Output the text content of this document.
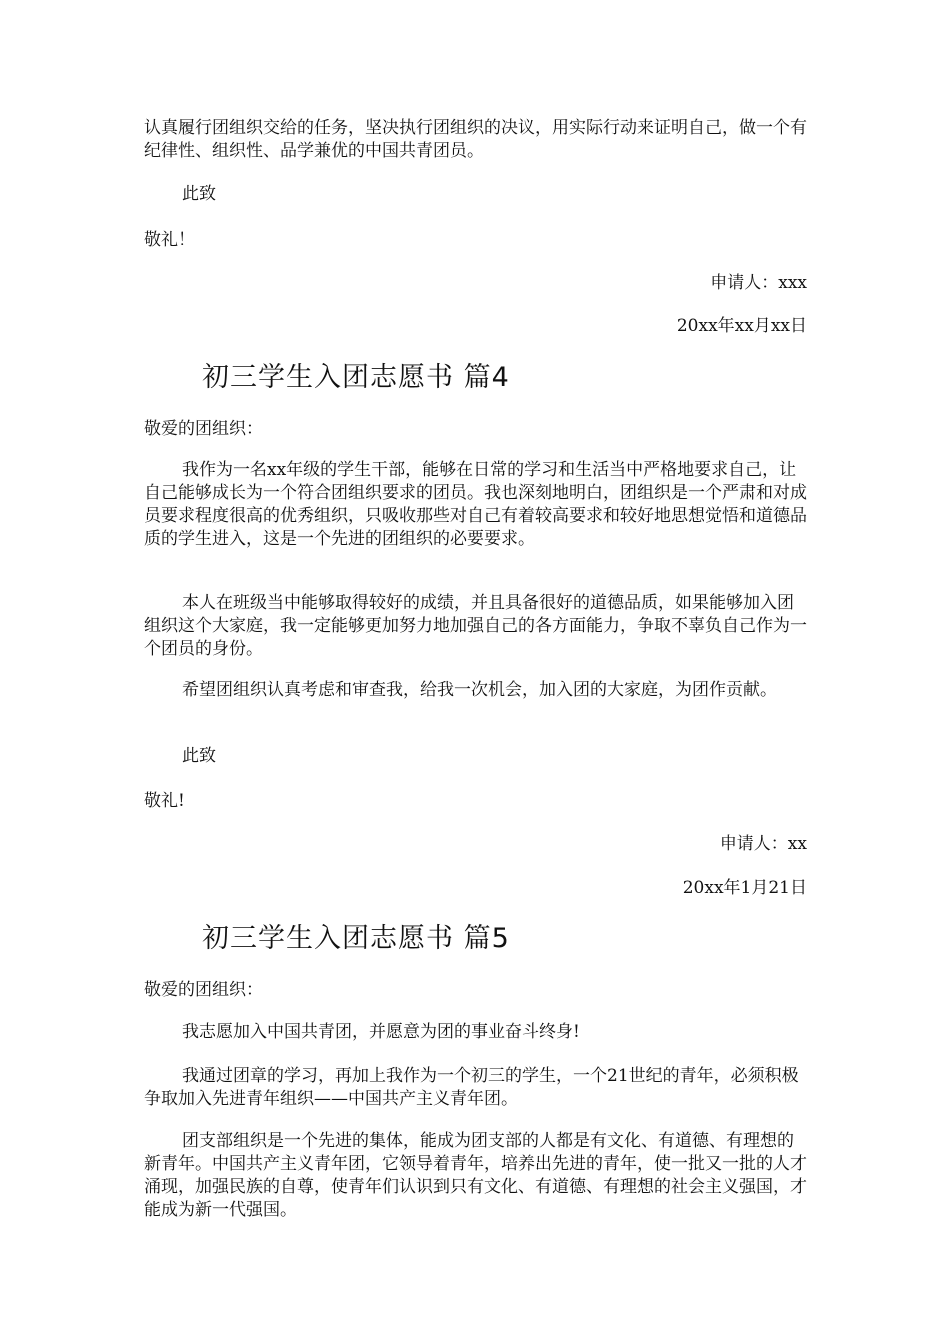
认真履行团组织交给的任务，坚决执行团组织的决议，用实际行动来证明自己，做一个有纪律性、组织性、品学兼优的中国共青团员。

此致

敬礼！

申请人：xxx

20xx年xx月xx日

初三学生入团志愿书 篇4

敬爱的团组织：

我作为一名xx年级的学生干部，能够在日常的学习和生活当中严格地要求自己，让自己能够成长为一个符合团组织要求的团员。我也深刻地明白，团组织是一个严肃和对成员要求程度很高的优秀组织，只吸收那些对自己有着较高要求和较好地思想觉悟和道德品质的学生进入，这是一个先进的团组织的必要要求。

本人在班级当中能够取得较好的成绩，并且具备很好的道德品质，如果能够加入团组织这个大家庭，我一定能够更加努力地加强自己的各方面能力，争取不辜负自己作为一个团员的身份。

希望团组织认真考虑和审查我，给我一次机会，加入团的大家庭，为团作贡献。

此致

敬礼!

申请人：xx

20xx年1月21日

初三学生入团志愿书 篇5

敬爱的团组织：

我志愿加入中国共青团，并愿意为团的事业奋斗终身!

我通过团章的学习，再加上我作为一个初三的学生，一个21世纪的青年，必须积极争取加入先进青年组织——中国共产主义青年团。

团支部组织是一个先进的集体，能成为团支部的人都是有文化、有道德、有理想的新青年。中国共产主义青年团，它领导着青年，培养出先进的青年，使一批又一批的人才涌现，加强民族的自尊，使青年们认识到只有文化、有道德、有理想的社会主义强国，才能成为新一代强国。
